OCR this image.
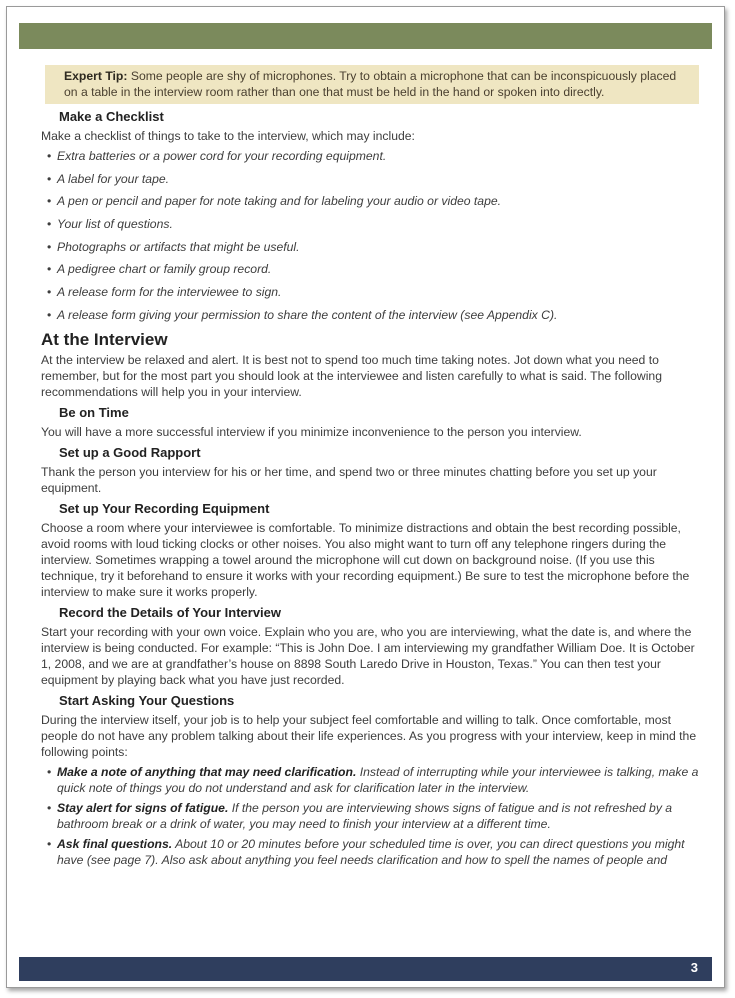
Expert Tip: Some people are shy of microphones. Try to obtain a microphone that can be inconspicuously placed on a table in the interview room rather than one that must be held in the hand or spoken into directly.
Make a Checklist

Make a checklist of things to take to the interview, which may include:

• Extra batteries or a power cord for your recording equipment.
• A label for your tape.
• A pen or pencil and paper for note taking and for labeling your audio or video tape.
• Your list of questions.
• Photographs or artifacts that might be useful.
• A pedigree chart or family group record.
• A release form for the interviewee to sign.
• A release form giving your permission to share the content of the interview (see Appendix C).
At the Interview

At the interview be relaxed and alert. It is best not to spend too much time taking notes. Jot down what you need to remember, but for the most part you should look at the interviewee and listen carefully to what is said. The following recommendations will help you in your interview.

Be on Time

You will have a more successful interview if you minimize inconvenience to the person you interview.

Set up a Good Rapport

Thank the person you interview for his or her time, and spend two or three minutes chatting before you set up your equipment.

Set up Your Recording Equipment

Choose a room where your interviewee is comfortable. To minimize distractions and obtain the best recording possible, avoid rooms with loud ticking clocks or other noises. You also might want to turn off any telephone ringers during the interview. Sometimes wrapping a towel around the microphone will cut down on background noise. (If you use this technique, try it beforehand to ensure it works with your recording equipment.) Be sure to test the microphone before the interview to make sure it works properly.

Record the Details of Your Interview

Start your recording with your own voice. Explain who you are, who you are interviewing, what the date is, and where the interview is being conducted. For example: “This is John Doe. I am interviewing my grandfather William Doe. It is October 1, 2008, and we are at grandfather’s house on 8898 South Laredo Drive in Houston, Texas.” You can then test your equipment by playing back what you have just recorded.

Start Asking Your Questions

During the interview itself, your job is to help your subject feel comfortable and willing to talk. Once comfortable, most people do not have any problem talking about their life experiences. As you progress with your interview, keep in mind the following points:

• Make a note of anything that may need clarification. Instead of interrupting while your interviewee is talking, make a quick note of things you do not understand and ask for clarification later in the interview.
• Stay alert for signs of fatigue. If the person you are interviewing shows signs of fatigue and is not refreshed by a bathroom break or a drink of water, you may need to finish your interview at a different time.
• Ask final questions. About 10 or 20 minutes before your scheduled time is over, you can direct questions you might have (see page 7). Also ask about anything you feel needs clarification and how to spell the names of people and
3
